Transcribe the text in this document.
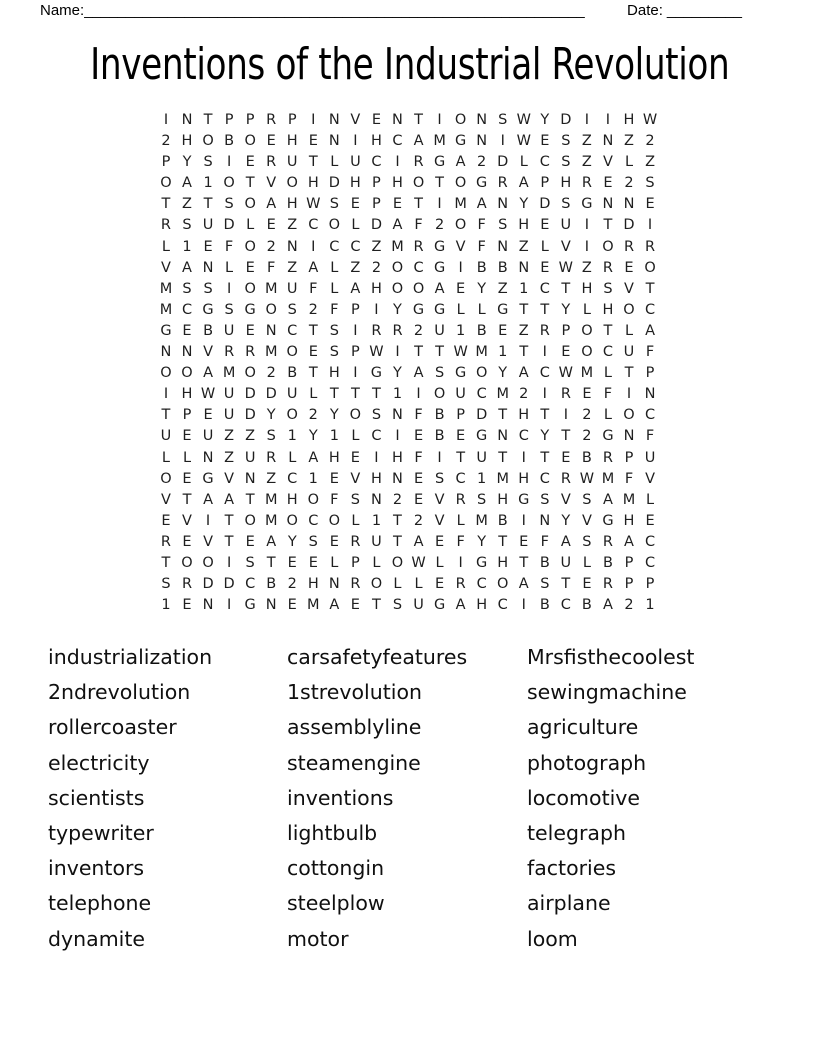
Name: ____________________________________________________________	Date: _________
Inventions of the Industrial Revolution
I N T P P R P	I N V E N T I O N S W Y D I	I H W
2 H O B O E H E N I H C A M G N I W E S Z N Z 2
P Y S I E R U T L U C I R G A 2 D L C S Z V L Z
O A 1 O T V O H D H P H O T O G R A P H R E 2 S
T Z T S O A H W S E P E T I M A N Y D S G N N E
R S U D L E Z C O L D A F 2 O F S H E U I T D I
L 1 E F O 2 N I C C Z M R G V F N Z L V I O R R
V A N L E F Z A L Z 2 O C G I B B N E W Z R E O
M S S I O M U F L A H O O A E Y Z 1 C T H S V T
M C G S G O S 2 F P	I Y G G L L G T T Y L H O C
G E B U E N C T S I R R 2 U 1 B E Z R P O T L A
N N V R R M O E S P W I T T W M 1 T I E O C U F
O O A M O 2 B T H I G Y A S G O Y A C W M L T P
I H W U D D U L T T T 1 I O U C M 2 I R E F	I N
T P E U D Y O 2 Y O S N F B P D T H T I 2 L O C
U E U Z Z S 1 Y 1 L C I E B E G N C Y T 2 G N F
L L N Z U R L A H E I H F	I T U T I T E B R P U
O E G V N Z C 1 E V H N E S C 1 M H C R W M F V
V T A A T M H O F S N 2 E V R S H G S V S A M L
E V I T O M O C O L 1 T 2 V L M B I N Y V G H E
R E V T E A Y S E R U T A E F Y T E F A S R A C
T O O I S T E E L P L O W L	I G H T B U L B P C
S R D D C B 2 H N R O L L E R C O A S T E R P P
1 E N I G N E M A E T S U G A H C I B C B A 2 1
industrialization
2ndrevolution
rollercoaster
electricity
scientists
typewriter
inventors
telephone
dynamite
carsafetyfeatures
1strevolution
assemblyline
steamengine
inventions
lightbulb
cottongin
steelplow
motor
Mrsfisthecoolest
sewingmachine
agriculture
photograph
locomotive
telegraph
factories
airplane
loom
